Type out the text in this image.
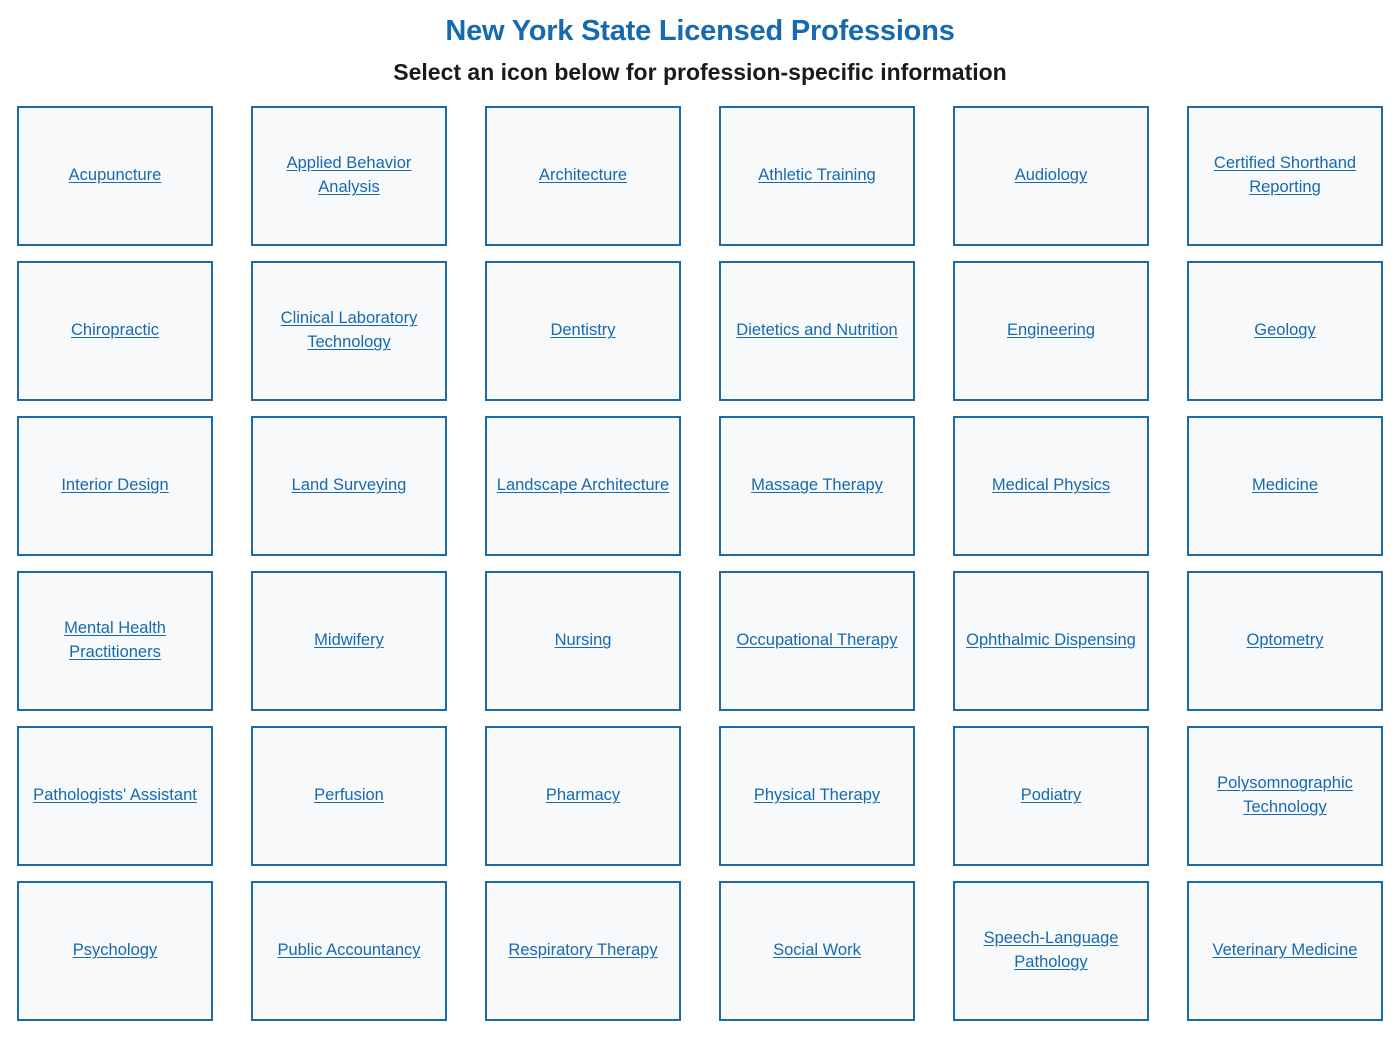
New York State Licensed Professions
Select an icon below for profession-specific information
Acupuncture
Applied Behavior Analysis
Architecture	Athletic Training	Audiology
Certified Shorthand Reporting
Chiropractic
Clinical Laboratory Technology
Dentistry	Dietetics and Nutrition	Engineering	Geology
Interior Design	Land Surveying	Landscape Architecture	Massage Therapy	Medical Physics	Medicine
Mental Health Practitioners
Midwifery	Nursing	Occupational Therapy	Ophthalmic Dispensing	Optometry
Pathologists' Assistant	Perfusion	Pharmacy	Physical Therapy	Podiatry
Polysomnographic Technology
Psychology	Public Accountancy	Respiratory Therapy	Social Work
Speech-Language Pathology
Veterinary Medicine
